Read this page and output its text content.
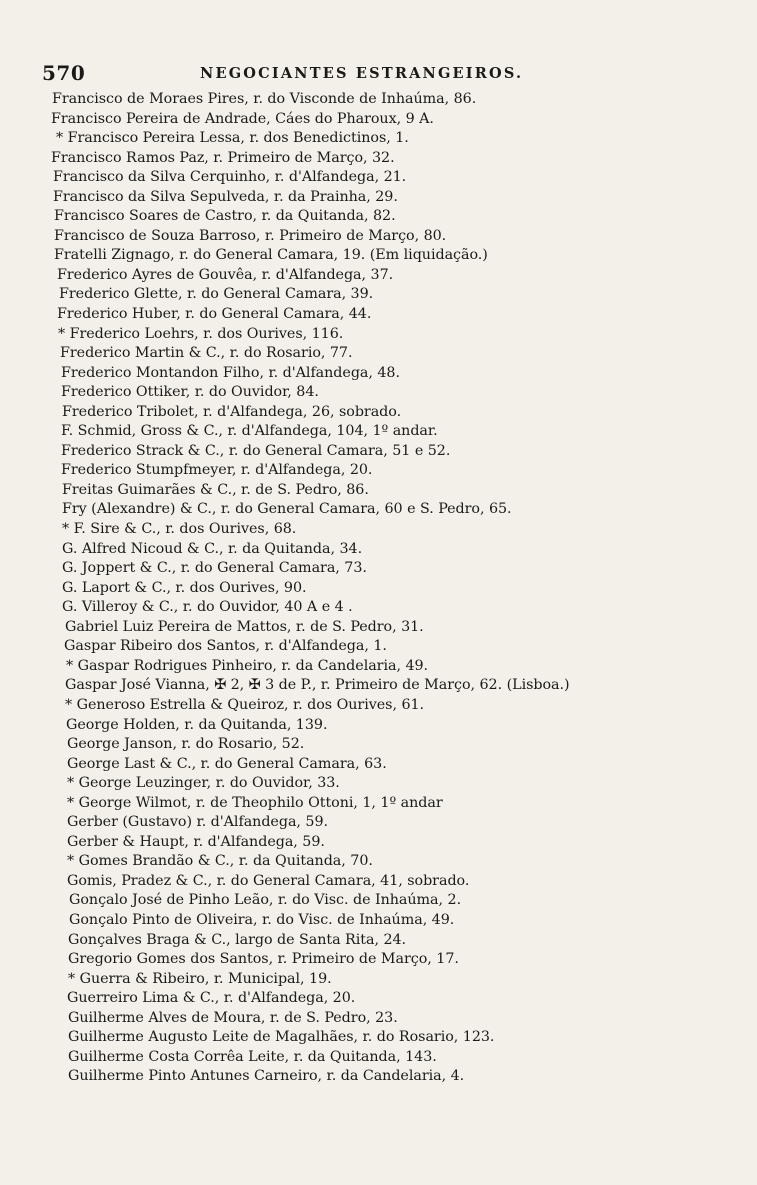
570	NEGOCIANTES ESTRANGEIROS.
Francisco de Moraes Pires, r. do Visconde de Inhaúma, 86.
Francisco Pereira de Andrade, Cáes do Pharoux, 9 A.
* Francisco Pereira Lessa, r. dos Benedictinos, 1.
Francisco Ramos Paz, r. Primeiro de Março, 32.
Francisco da Silva Cerquinho, r. d'Alfandega, 21.
Francisco da Silva Sepulveda, r. da Prainha, 29.
Francisco Soares de Castro, r. da Quitanda, 82.
Francisco de Souza Barroso, r. Primeiro de Março, 80.
Fratelli Zignago, r. do General Camara, 19. (Em liquidação.)
Frederico Ayres de Gouvêa, r. d'Alfandega, 37.
Frederico Glette, r. do General Camara, 39.
Frederico Huber, r. do General Camara, 44.
* Frederico Loehrs, r. dos Ourives, 116.
Frederico Martin & C., r. do Rosario, 77.
Frederico Montandon Filho, r. d'Alfandega, 48.
Frederico Ottiker, r. do Ouvidor, 84.
Frederico Tribolet, r. d'Alfandega, 26, sobrado.
F. Schmid, Gross & C., r. d'Alfandega, 104, 1º andar.
Frederico Strack & C., r. do General Camara, 51 e 52.
Frederico Stumpfmeyer, r. d'Alfandega, 20.
Freitas Guimarães & C., r. de S. Pedro, 86.
Fry (Alexandre) & C., r. do General Camara, 60 e S. Pedro, 65.
* F. Sire & C., r. dos Ourives, 68.
G. Alfred Nicoud & C., r. da Quitanda, 34.
G. Joppert & C., r. do General Camara, 73.
G. Laport & C., r. dos Ourives, 90.
G. Villeroy & C., r. do Ouvidor, 40 A e 4 .
Gabriel Luiz Pereira de Mattos, r. de S. Pedro, 31.
Gaspar Ribeiro dos Santos, r. d'Alfandega, 1.
* Gaspar Rodrigues Pinheiro, r. da Candelaria, 49.
Gaspar José Vianna, ✠ 2, ✠ 3 de P., r. Primeiro de Março, 62. (Lisboa.)
* Generoso Estrella & Queiroz, r. dos Ourives, 61.
George Holden, r. da Quitanda, 139.
George Janson, r. do Rosario, 52.
George Last & C., r. do General Camara, 63.
* George Leuzinger, r. do Ouvidor, 33.
* George Wilmot, r. de Theophilo Ottoni, 1, 1º andar
Gerber (Gustavo) r. d'Alfandega, 59.
Gerber & Haupt, r. d'Alfandega, 59.
* Gomes Brandão & C., r. da Quitanda, 70.
Gomis, Pradez & C., r. do General Camara, 41, sobrado.
Gonçalo José de Pinho Leão, r. do Visc. de Inhaúma, 2.
Gonçalo Pinto de Oliveira, r. do Visc. de Inhaúma, 49.
Gonçalves Braga & C., largo de Santa Rita, 24.
Gregorio Gomes dos Santos, r. Primeiro de Março, 17.
* Guerra & Ribeiro, r. Municipal, 19.
Guerreiro Lima & C., r. d'Alfandega, 20.
Guilherme Alves de Moura, r. de S. Pedro, 23.
Guilherme Augusto Leite de Magalhães, r. do Rosario, 123.
Guilherme Costa Corrêa Leite, r. da Quitanda, 143.
Guilherme Pinto Antunes Carneiro, r. da Candelaria, 4.
